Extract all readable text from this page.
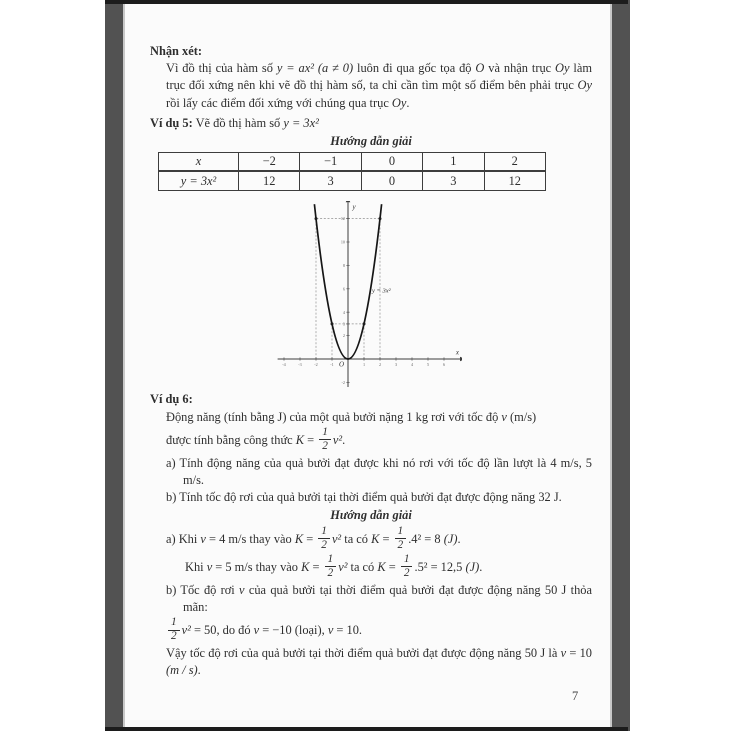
Nhận xét:

Vì đồ thị của hàm số y = ax² (a ≠ 0) luôn đi qua gốc tọa độ O và nhận trục Oy làm trục đối xứng nên khi vẽ đồ thị hàm số, ta chỉ cần tìm một số điểm bên phải trục Oy rồi lấy các điểm đối xứng với chúng qua trục Oy.

Ví dụ 5: Vẽ đồ thị hàm số y = 3x²

Hướng dẫn giải

x	−2	−1	0	1	2
y = 3x²	12	3	0	3	12
-4	-3	-2	-1	1	2	3	4	5	6
-2
2
3
4
6
8
10
12
y
x
O
y = 3x²

Ví dụ 6:

Động năng (tính bằng J) của một quả bưởi nặng 1 kg rơi với tốc độ v (m/s)

được tính bằng công thức $K = \frac{1}{2} v^2$.

a) Tính động năng của quả bưởi đạt được khi nó rơi với tốc độ lần lượt là 4 m/s, 5 m/s.

b) Tính tốc độ rơi của quả bưởi tại thời điểm quả bưởi đạt được động năng 32 J.

Hướng dẫn giải

a) Khi v = 4 m/s thay vào $K = \frac{1}{2} v^2$ ta có $K = \frac{1}{2} .4^2 = 8$ (J).

Khi v = 5 m/s thay vào $K = \frac{1}{2} v^2$ ta có $K = \frac{1}{2} .5^2 = 12,5$ (J).

b) Tốc độ rơi v của quả bưởi tại thời điểm quả bưởi đạt được động năng 50 J thỏa mãn:

$\frac{1}{2} v^2 = 50$, do đó v = −10 (loại), v = 10.

Vậy tốc độ rơi của quả bưởi tại thời điểm quả bưởi đạt được động năng 50 J là v = 10 (m / s).

7
